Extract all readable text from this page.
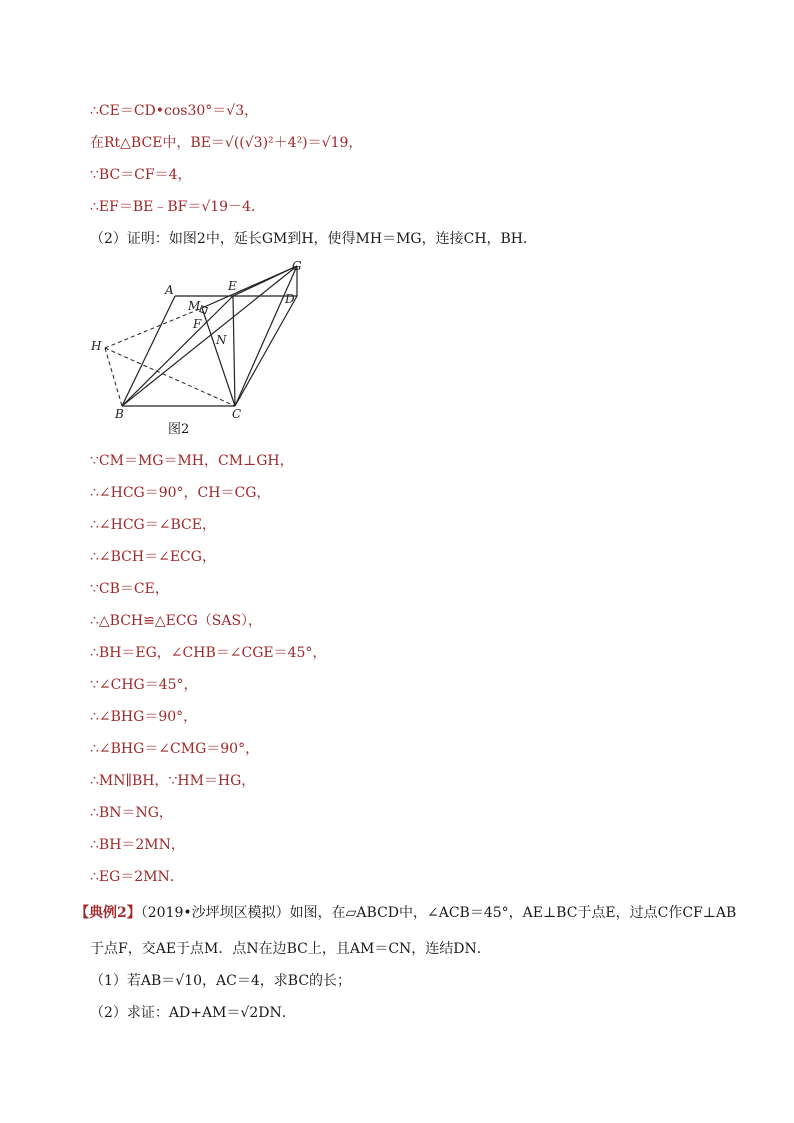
∴CE＝CD•cos30°＝√3，
在Rt△BCE中，BE＝√((√3)²＋4²)＝√19，
∵BC＝CF＝4，
∴EF＝BE﹣BF＝√19－4．
（2）证明：如图2中，延长GM到H，使得MH＝MG，连接CH，BH．
A	E
D
G
M
F
H	N
B	C
图2
∵CM＝MG＝MH，CM⊥GH，
∴∠HCG＝90°，CH＝CG，
∴∠HCG＝∠BCE，
∴∠BCH＝∠ECG，
∵CB＝CE，
∴△BCH≌△ECG（SAS），
∴BH＝EG，∠CHB＝∠CGE＝45°，
∵∠CHG＝45°，
∴∠BHG＝90°，
∴∠BHG＝∠CMG＝90°，
∴MN∥BH，∵HM＝HG，
∴BN＝NG，
∴BH＝2MN，
∴EG＝2MN．
【典例2】（2019•沙坪坝区模拟）如图，在▱ABCD中，∠ACB＝45°，AE⊥BC于点E，过点C作CF⊥AB
于点F，交AE于点M．点N在边BC上，且AM＝CN，连结DN．
（1）若AB＝√10，AC＝4，求BC的长；
（2）求证：AD+AM＝√2DN．
